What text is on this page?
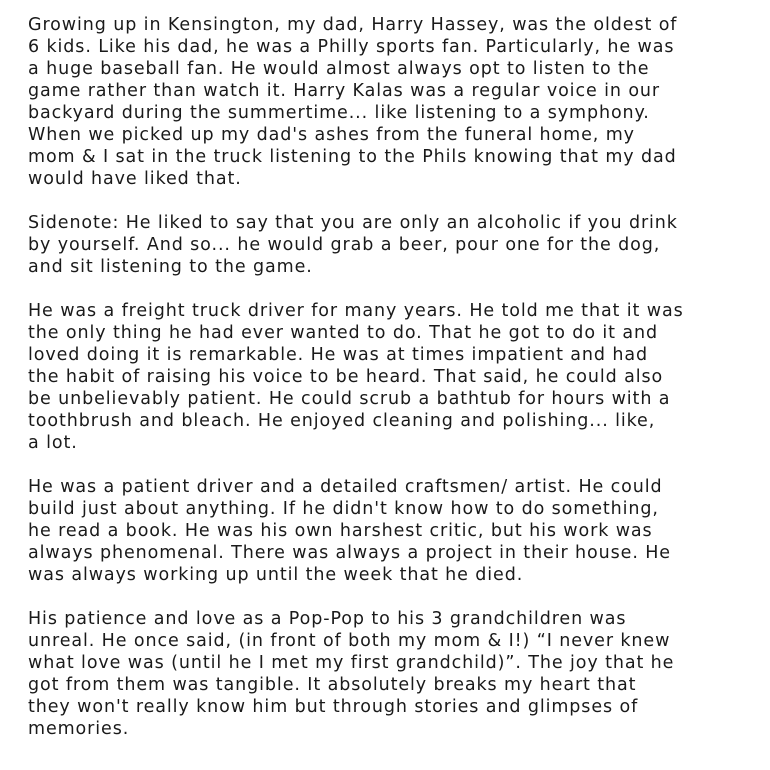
Growing up in Kensington, my dad, Harry Hassey, was the oldest of
6 kids. Like his dad, he was a Philly sports fan. Particularly, he was
a huge baseball fan. He would almost always opt to listen to the
game rather than watch it. Harry Kalas was a regular voice in our
backyard during the summertime... like listening to a symphony.
When we picked up my dad's ashes from the funeral home, my
mom & I sat in the truck listening to the Phils knowing that my dad
would have liked that.
Sidenote: He liked to say that you are only an alcoholic if you drink
by yourself. And so... he would grab a beer, pour one for the dog,
and sit listening to the game.
He was a freight truck driver for many years. He told me that it was
the only thing he had ever wanted to do. That he got to do it and
loved doing it is remarkable. He was at times impatient and had
the habit of raising his voice to be heard. That said, he could also
be unbelievably patient. He could scrub a bathtub for hours with a
toothbrush and bleach. He enjoyed cleaning and polishing... like,
a lot.
He was a patient driver and a detailed craftsmen/ artist. He could
build just about anything. If he didn't know how to do something,
he read a book. He was his own harshest critic, but his work was
always phenomenal. There was always a project in their house. He
was always working up until the week that he died.
His patience and love as a Pop-Pop to his 3 grandchildren was
unreal. He once said, (in front of both my mom & I!) “I never knew
what love was (until he I met my first grandchild)”. The joy that he
got from them was tangible. It absolutely breaks my heart that
they won't really know him but through stories and glimpses of
memories.
